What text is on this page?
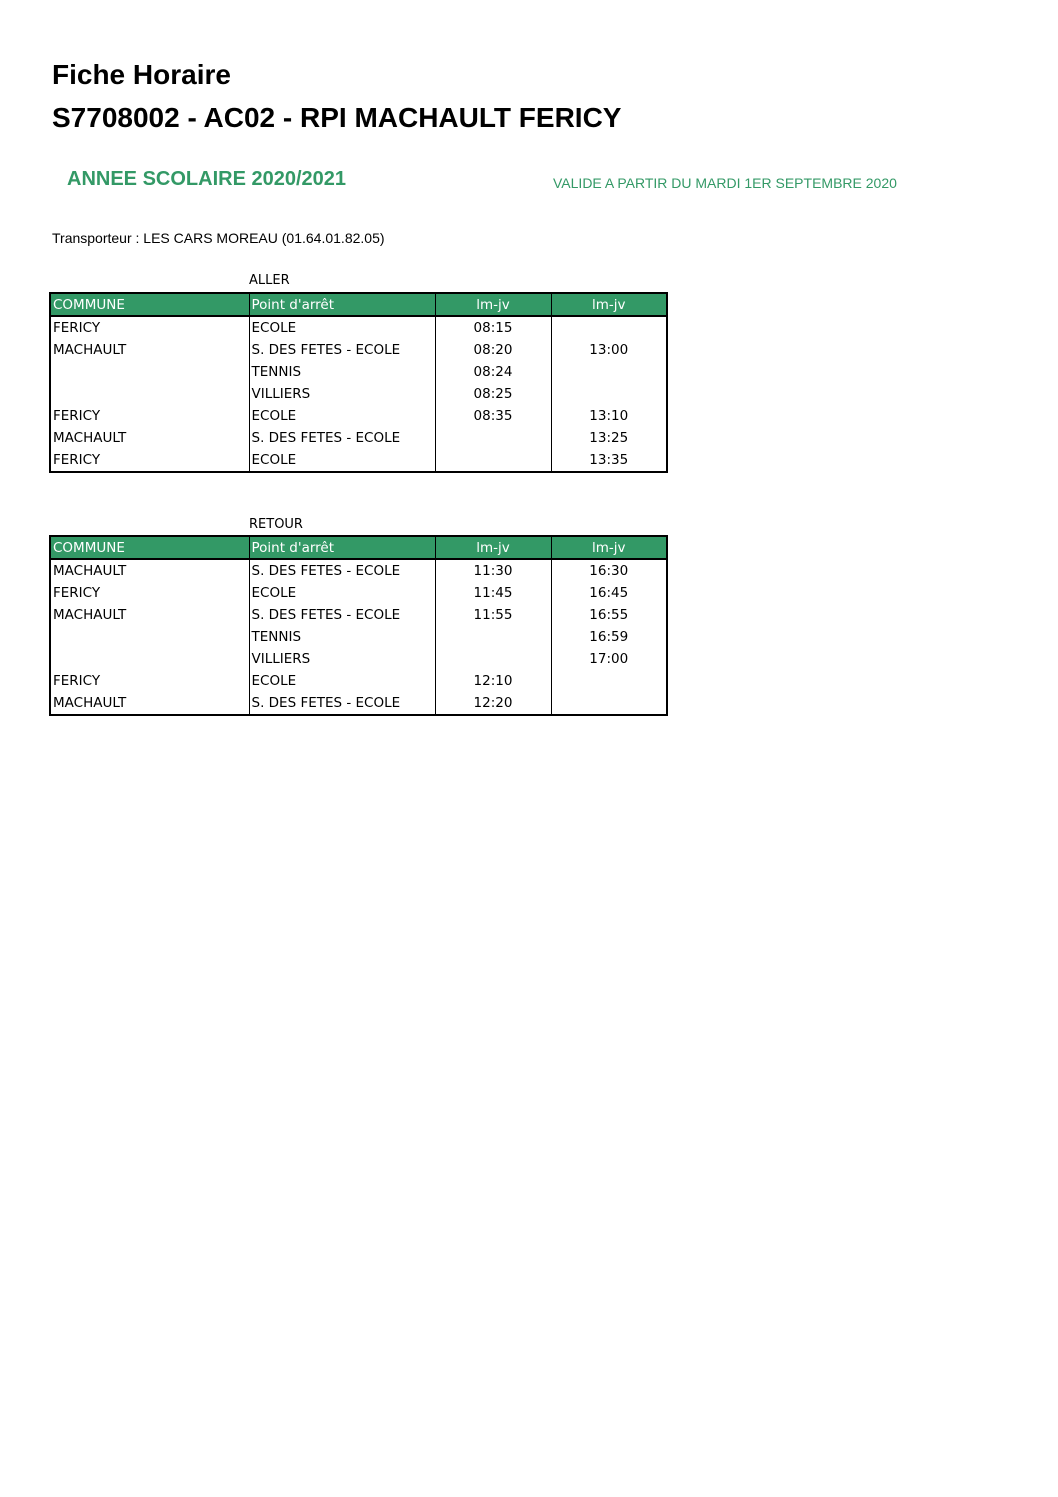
Fiche Horaire
S7708002 - AC02 - RPI MACHAULT FERICY
ANNEE SCOLAIRE 2020/2021	VALIDE A PARTIR DU MARDI 1ER SEPTEMBRE 2020
Transporteur : LES CARS MOREAU (01.64.01.82.05)
ALLER
COMMUNE	Point d'arrêt	lm-jv	lm-jv
FERICY	ECOLE	08:15	
MACHAULT	S. DES FETES - ECOLE	08:20	13:00
	TENNIS	08:24	
	VILLIERS	08:25	
FERICY	ECOLE	08:35	13:10
MACHAULT	S. DES FETES - ECOLE		13:25
FERICY	ECOLE		13:35
RETOUR
COMMUNE	Point d'arrêt	lm-jv	lm-jv
MACHAULT	S. DES FETES - ECOLE	11:30	16:30
FERICY	ECOLE	11:45	16:45
MACHAULT	S. DES FETES - ECOLE	11:55	16:55
	TENNIS		16:59
	VILLIERS		17:00
FERICY	ECOLE	12:10	
MACHAULT	S. DES FETES - ECOLE	12:20	
